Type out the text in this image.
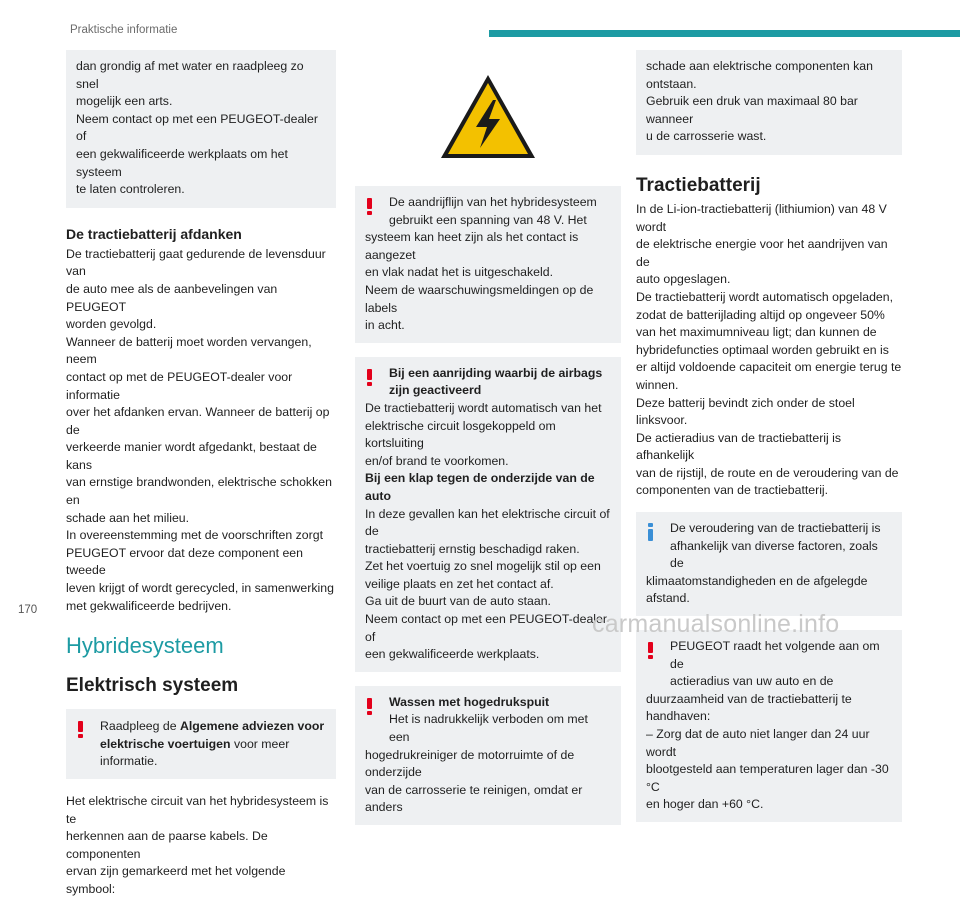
Praktische informatie

dan grondig af met water en raadpleeg zo snel

mogelijk een arts.

Neem contact op met een PEUGEOT-dealer of

een gekwalificeerde werkplaats om het systeem

te laten controleren.

De tractiebatterij afdanken

De tractiebatterij gaat gedurende de levensduur van

de auto mee als de aanbevelingen van PEUGEOT

worden gevolgd.

Wanneer de batterij moet worden vervangen, neem

contact op met de PEUGEOT-dealer voor informatie

over het afdanken ervan. Wanneer de batterij op de

verkeerde manier wordt afgedankt, bestaat de kans

van ernstige brandwonden, elektrische schokken en

schade aan het milieu.

In overeenstemming met de voorschriften zorgt

PEUGEOT ervoor dat deze component een tweede

leven krijgt of wordt gerecycled, in samenwerking

met gekwalificeerde bedrijven.

Hybridesysteem
Elektrisch systeem

Raadpleeg de Algemene adviezen voor elektrische voertuigen voor meer informatie.

Het elektrische circuit van het hybridesysteem is te

herkennen aan de paarse kabels. De componenten

ervan zijn gemarkeerd met het volgende symbool:

De aandrijflijn van het hybridesysteem

gebruikt een spanning van 48 V. Het

systeem kan heet zijn als het contact is aangezet

en vlak nadat het is uitgeschakeld.

Neem de waarschuwingsmeldingen op de labels

in acht.

Bij een aanrijding waarbij de airbags zijn geactiveerd

De tractiebatterij wordt automatisch van het

elektrische circuit losgekoppeld om kortsluiting

en/of brand te voorkomen.

Bij een klap tegen de onderzijde van de auto

In deze gevallen kan het elektrische circuit of de

tractiebatterij ernstig beschadigd raken.

Zet het voertuig zo snel mogelijk stil op een

veilige plaats en zet het contact af.

Ga uit de buurt van de auto staan.

Neem contact op met een PEUGEOT-dealer of

een gekwalificeerde werkplaats.

Wassen met hogedrukspuit

Het is nadrukkelijk verboden om met een

hogedrukreiniger de motorruimte of de onderzijde

van de carrosserie te reinigen, omdat er anders

schade aan elektrische componenten kan

ontstaan.

Gebruik een druk van maximaal 80 bar wanneer

u de carrosserie wast.

Tractiebatterij

In de Li-ion-tractiebatterij (lithiumion) van 48 V wordt

de elektrische energie voor het aandrijven van de

auto opgeslagen.

De tractiebatterij wordt automatisch opgeladen,

zodat de batterijlading altijd op ongeveer 50%

van het maximumniveau ligt; dan kunnen de

hybridefuncties optimaal worden gebruikt en is

er altijd voldoende capaciteit om energie terug te

winnen.

Deze batterij bevindt zich onder de stoel linksvoor.

De actieradius van de tractiebatterij is afhankelijk

van de rijstijl, de route en de veroudering van de

componenten van de tractiebatterij.

De veroudering van de tractiebatterij is

afhankelijk van diverse factoren, zoals de

klimaatomstandigheden en de afgelegde afstand.

PEUGEOT raadt het volgende aan om de

actieradius van uw auto en de

duurzaamheid van de tractiebatterij te

handhaven:

– Zorg dat de auto niet langer dan 24 uur wordt

blootgesteld aan temperaturen lager dan -30 °C

en hoger dan +60 °C.

170	carmanualsonline.info
